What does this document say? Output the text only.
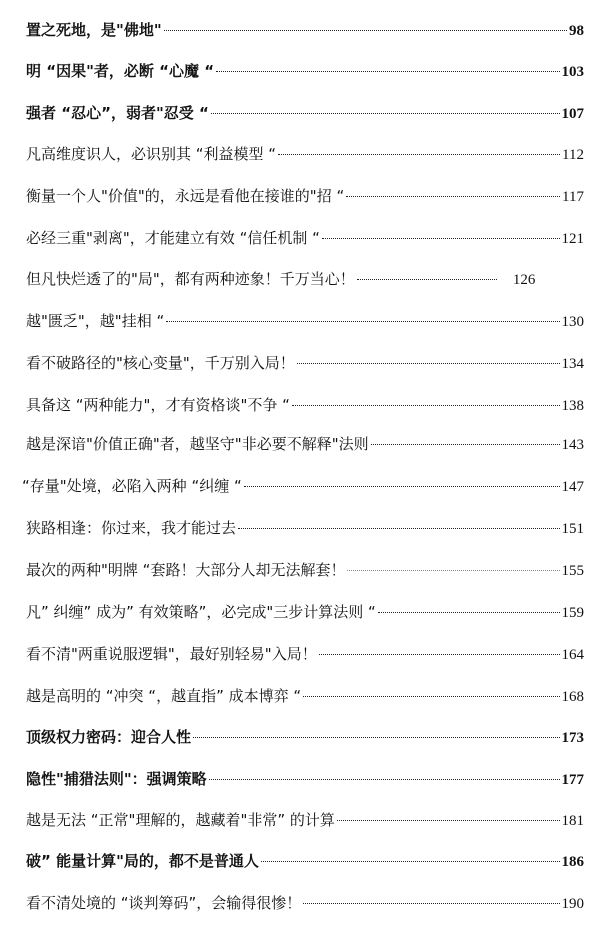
置之死地，是"佛地"	98
明 “因果"者，必断 “心魔 “	103
强者 “忍心”，弱者"忍受 “	107
凡高维度识人，必识别其 “利益模型 “	112
衡量一个人"价值"的，永远是看他在接谁的"招 “	117
必经三重"剥离"，才能建立有效 “信任机制 “	121
但凡快烂透了的"局"，都有两种迹象！千万当心！	126
越"匮乏"，越"挂相 “	130
看不破路径的"核心变量"，千万别入局！	134
具备这 “两种能力"，才有资格谈"不争 “	138
越是深谙"价值正确"者，越坚守"非必要不解释"法则	143
“存量"处境，必陷入两种 “纠缠 “	147
狭路相逢：你过来，我才能过去	151
最次的两种"明牌 “套路！大部分人却无法解套！	155
凡” 纠缠” 成为” 有效策略”，必完成"三步计算法则 “	159
看不清"两重说服逻辑"，最好别轻易"入局！	164
越是高明的 “冲突 “，越直指” 成本博弈 “	168
顶级权力密码：迎合人性	173
隐性"捕猎法则"：强调策略	177
越是无法 “正常"理解的，越藏着"非常” 的计算	181
破” 能量计算"局的，都不是普通人	186
看不清处境的 “谈判筹码”，会输得很惨！	190
